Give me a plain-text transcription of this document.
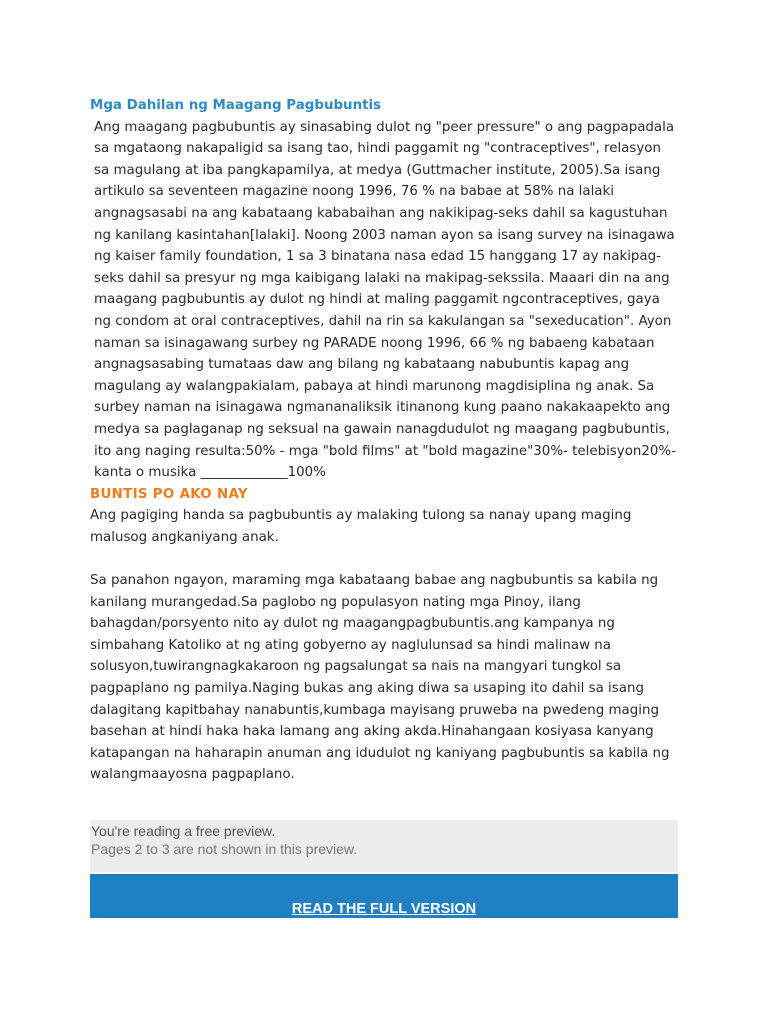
Mga Dahilan ng Maagang Pagbubuntis

Ang maagang pagbubuntis ay sinasabing dulot ng "peer pressure" o ang pagpapadala sa mgataong nakapaligid sa isang tao, hindi paggamit ng "contraceptives", relasyon sa magulang at iba pangkapamilya, at medya (Guttmacher institute, 2005).Sa isang artikulo sa seventeen magazine noong 1996, 76 % na babae at 58% na lalaki angnagsasabi na ang kabataang kababaihan ang nakikipag-seks dahil sa kagustuhan ng kanilang kasintahan[lalaki]. Noong 2003 naman ayon sa isang survey na isinagawa ng kaiser family foundation, 1 sa 3 binatana nasa edad 15 hanggang 17 ay nakipag-seks dahil sa presyur ng mga kaibigang lalaki na makipag-sekssila. Maaari din na ang maagang pagbubuntis ay dulot ng hindi at maling paggamit ngcontraceptives, gaya ng condom at oral contraceptives, dahil na rin sa kakulangan sa "sexeducation". Ayon naman sa isinagawang surbey ng PARADE noong 1996, 66 % ng babaeng kabataan angnagsasabing tumataas daw ang bilang ng kabataang nabubuntis kapag ang magulang ay walangpakialam, pabaya at hindi marunong magdisiplina ng anak. Sa surbey naman na isinagawa ngmananaliksik itinanong kung paano nakakaapekto ang medya sa paglaganap ng seksual na gawain nanagdudulot ng maagang pagbubuntis, ito ang naging resulta:50% - mga "bold films" at "bold magazine"30%- telebisyon20%- kanta o musika _____________100%

BUNTIS PO AKO NAY

Ang pagiging handa sa pagbubuntis ay malaking tulong sa nanay upang maging malusog angkaniyang anak.

Sa panahon ngayon, maraming mga kabataang babae ang nagbubuntis sa kabila ng kanilang murangedad.Sa paglobo ng populasyon nating mga Pinoy, ilang bahagdan/porsyento nito ay dulot ng maagangpagbubuntis.ang kampanya ng simbahang Katoliko at ng ating gobyerno ay naglulunsad sa hindi malinaw na solusyon,tuwirangnagkakaroon ng pagsalungat sa nais na mangyari tungkol sa pagpaplano ng pamilya.Naging bukas ang aking diwa sa usaping ito dahil sa isang dalagitang kapitbahay nanabuntis,kumbaga mayisang pruweba na pwedeng maging basehan at hindi haka haka lamang ang aking akda.Hinahangaan kosiyasa kanyang katapangan na haharapin anuman ang idudulot ng kaniyang pagbubuntis sa kabila ng walangmaayosna pagpaplano.

You're reading a free preview.
Pages 2 to 3 are not shown in this preview.
READ THE FULL VERSION
